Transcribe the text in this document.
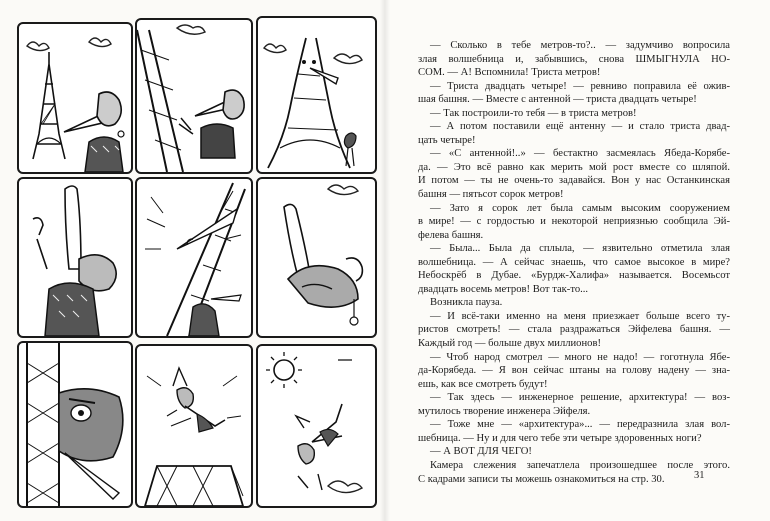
— Сколько в тебе метров-то?.. — задумчиво вопросила
злая волшебница и, забывшись, снова ШМЫГНУЛА НО-
СОМ. — А! Вспомнила! Триста метров!
— Триста двадцать четыре! — ревниво поправила её ожив-
шая башня. — Вместе с антенной — триста двадцать четыре!
— Так построили-то тебя — в триста метров!
— А потом поставили ещё антенну — и стало триста двад-
цать четыре!
— «С антенной!..» — бестактно засмеялась Ябеда-Корябе-
да. — Это всё равно как мерить мой рост вместе со шляпой.
И потом — ты не очень-то задавайся. Вон у нас Останкинская
башня — пятьсот сорок метров!
— Зато я сорок лет была самым высоким сооружением
в мире! — с гордостью и некоторой неприязнью сообщила Эй-
фелева башня.
— Была... Была да сплыла, — язвительно отметила злая
волшебница. — А сейчас знаешь, что самое высокое в мире?
Небоскрёб в Дубае. «Бурдж-Халифа» называется. Восемьсот
двадцать восемь метров! Вот так-то...
Возникла пауза.
— И всё-таки именно на меня приезжает больше всего ту-
ристов смотреть! — стала раздражаться Эйфелева башня. —
Каждый год — больше двух миллионов!
— Чтоб народ смотрел — много не надо! — гоготнула Ябе-
да-Корябеда. — Я вон сейчас штаны на голову надену — зна-
ешь, как все смотреть будут!
— Так здесь — инженерное решение, архитектура! — воз-
мутилось творение инженера Эйфеля.
— Тоже мне — «архитектура»... — передразнила злая вол-
шебница. — Ну и для чего тебе эти четыре здоровенных ноги?
— А ВОТ ДЛЯ ЧЕГО!
Камера слежения запечатлела произошедшее после этого.
С кадрами записи ты можешь ознакомиться на стр. 30.	31
